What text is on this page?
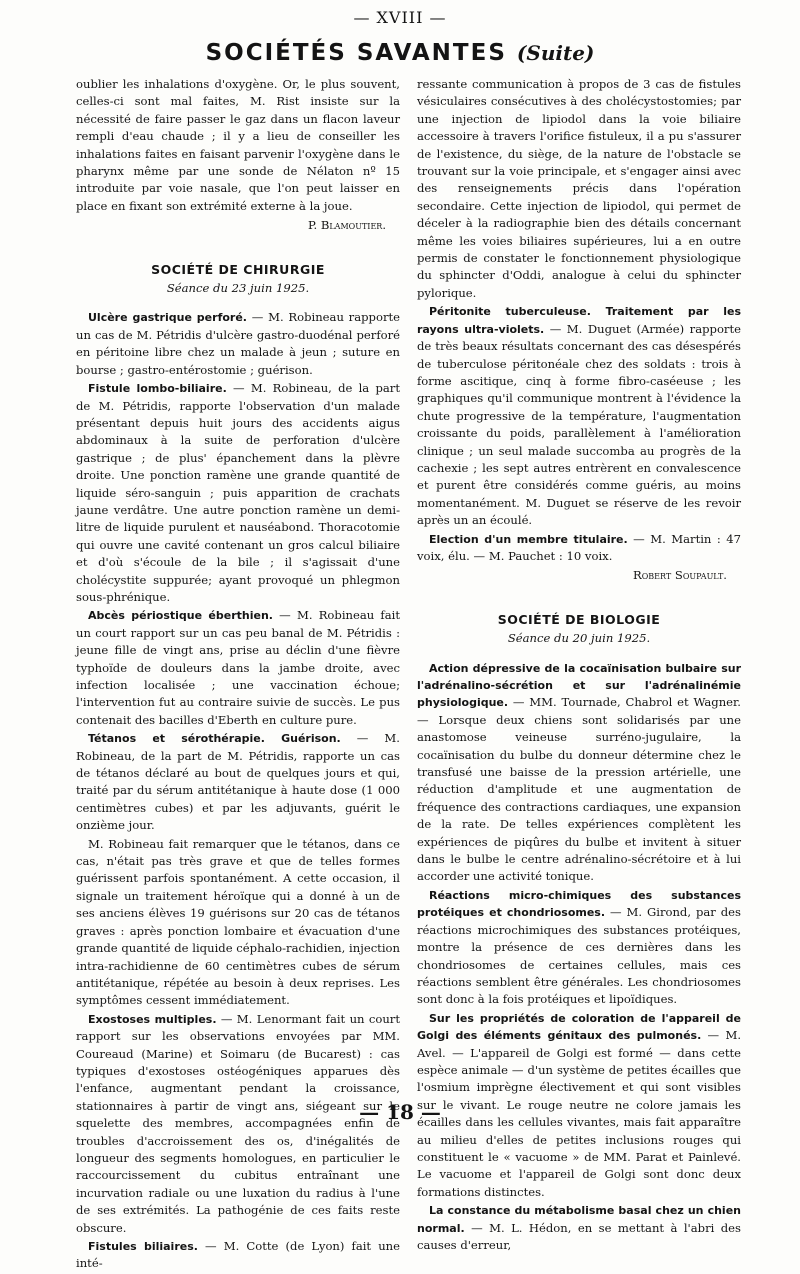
— XVIII —
SOCIÉTÉS SAVANTES (Suite)

oublier les inhalations d'oxygène. Or, le plus souvent, celles-ci sont mal faites, M. Rist insiste sur la nécessité de faire passer le gaz dans un flacon laveur rempli d'eau chaude ; il y a lieu de conseiller les inhalations faites en faisant parvenir l'oxygène dans le pharynx même par une sonde de Nélaton nº 15 introduite par voie nasale, que l'on peut laisser en place en fixant son extrémité externe à la joue.

P. Blamoutier.
SOCIÉTÉ DE CHIRURGIE
Séance du 23 juin 1925.

Ulcère gastrique perforé. — M. Robineau rapporte un cas de M. Pétridis d'ulcère gastro-duodénal perforé en péritoine libre chez un malade à jeun ; suture en bourse ; gastro-entérostomie ; guérison.

Fistule lombo-biliaire. — M. Robineau, de la part de M. Pétridis, rapporte l'observation d'un malade présentant depuis huit jours des accidents aigus abdominaux à la suite de perforation d'ulcère gastrique ; de plus' épanchement dans la plèvre droite. Une ponction ramène une grande quantité de liquide séro-sanguin ; puis apparition de crachats jaune verdâtre. Une autre ponction ramène un demi-litre de liquide purulent et nauséabond. Thoracotomie qui ouvre une cavité contenant un gros calcul biliaire et d'où s'écoule de la bile ; il s'agissait d'une cholécystite suppurée; ayant provoqué un phlegmon sous-phrénique.

Abcès périostique éberthien. — M. Robineau fait un court rapport sur un cas peu banal de M. Pétridis : jeune fille de vingt ans, prise au déclin d'une fièvre typhoïde de douleurs dans la jambe droite, avec infection localisée ; une vaccination échoue; l'intervention fut au contraire suivie de succès. Le pus contenait des bacilles d'Eberth en culture pure.

Tétanos et sérothérapie. Guérison. — M. Robineau, de la part de M. Pétridis, rapporte un cas de tétanos déclaré au bout de quelques jours et qui, traité par du sérum antitétanique à haute dose (1 000 centimètres cubes) et par les adjuvants, guérit le onzième jour.

M. Robineau fait remarquer que le tétanos, dans ce cas, n'était pas très grave et que de telles formes guérissent parfois spontanément. A cette occasion, il signale un traitement héroïque qui a donné à un de ses anciens élèves 19 guérisons sur 20 cas de tétanos graves : après ponction lombaire et évacuation d'une grande quantité de liquide céphalo-rachidien, injection intra-rachidienne de 60 centimètres cubes de sérum antitétanique, répétée au besoin à deux reprises. Les symptômes cessent immédiatement.

Exostoses multiples. — M. Lenormant fait un court rapport sur les observations envoyées par MM. Coureaud (Marine) et Soimaru (de Bucarest) : cas typiques d'exostoses ostéogéniques apparues dès l'enfance, augmentant pendant la croissance, stationnaires à partir de vingt ans, siégeant sur le squelette des membres, accompagnées enfin de troubles d'accroissement des os, d'inégalités de longueur des segments homologues, en particulier le raccourcissement du cubitus entraînant une incurvation radiale ou une luxation du radius à l'une de ses extrémités. La pathogénie de ces faits reste obscure.

Fistules biliaires. — M. Cotte (de Lyon) fait une inté-

ressante communication à propos de 3 cas de fistules vésiculaires consécutives à des cholécystostomies; par une injection de lipiodol dans la voie biliaire accessoire à travers l'orifice fistuleux, il a pu s'assurer de l'existence, du siège, de la nature de l'obstacle se trouvant sur la voie principale, et s'engager ainsi avec des renseignements précis dans l'opération secondaire. Cette injection de lipiodol, qui permet de déceler à la radiographie bien des détails concernant même les voies biliaires supérieures, lui a en outre permis de constater le fonctionnement physiologique du sphincter d'Oddi, analogue à celui du sphincter pylorique.

Péritonite tuberculeuse. Traitement par les rayons ultra-violets. — M. Duguet (Armée) rapporte de très beaux résultats concernant des cas désespérés de tuberculose péritonéale chez des soldats : trois à forme ascitique, cinq à forme fibro-caséeuse ; les graphiques qu'il communique montrent à l'évidence la chute progressive de la température, l'augmentation croissante du poids, parallèlement à l'amélioration clinique ; un seul malade succomba au progrès de la cachexie ; les sept autres entrèrent en convalescence et purent être considérés comme guéris, au moins momentanément. M. Duguet se réserve de les revoir après un an écoulé.

Election d'un membre titulaire. — M. Martin : 47 voix, élu. — M. Pauchet : 10 voix.

Robert Soupault.
SOCIÉTÉ DE BIOLOGIE
Séance du 20 juin 1925.

Action dépressive de la cocaïnisation bulbaire sur l'adrénalino-sécrétion et sur l'adrénalinémie physiologique. — MM. Tournade, Chabrol et Wagner. — Lorsque deux chiens sont solidarisés par une anastomose veineuse surréno-jugulaire, la cocaïnisation du bulbe du donneur détermine chez le transfusé une baisse de la pression artérielle, une réduction d'amplitude et une augmentation de fréquence des contractions cardiaques, une expansion de la rate. De telles expériences complètent les expériences de piqûres du bulbe et invitent à situer dans le bulbe le centre adrénalino-sécrétoire et à lui accorder une activité tonique.

Réactions micro-chimiques des substances protéiques et chondriosomes. — M. Girond, par des réactions microchimiques des substances protéiques, montre la présence de ces dernières dans les chondriosomes de certaines cellules, mais ces réactions semblent être générales. Les chondriosomes sont donc à la fois protéiques et lipoïdiques.

Sur les propriétés de coloration de l'appareil de Golgi des éléments génitaux des pulmonés. — M. Avel. — L'appareil de Golgi est formé — dans cette espèce animale — d'un système de petites écailles que l'osmium imprègne électivement et qui sont visibles sur le vivant. Le rouge neutre ne colore jamais les écailles dans les cellules vivantes, mais fait apparaître au milieu d'elles de petites inclusions rouges qui constituent le « vacuome » de MM. Parat et Painlevé. Le vacuome et l'appareil de Golgi sont donc deux formations distinctes.

La constance du métabolisme basal chez un chien normal. — M. L. Hédon, en se mettant à l'abri des causes d'erreur,

— 18 —
